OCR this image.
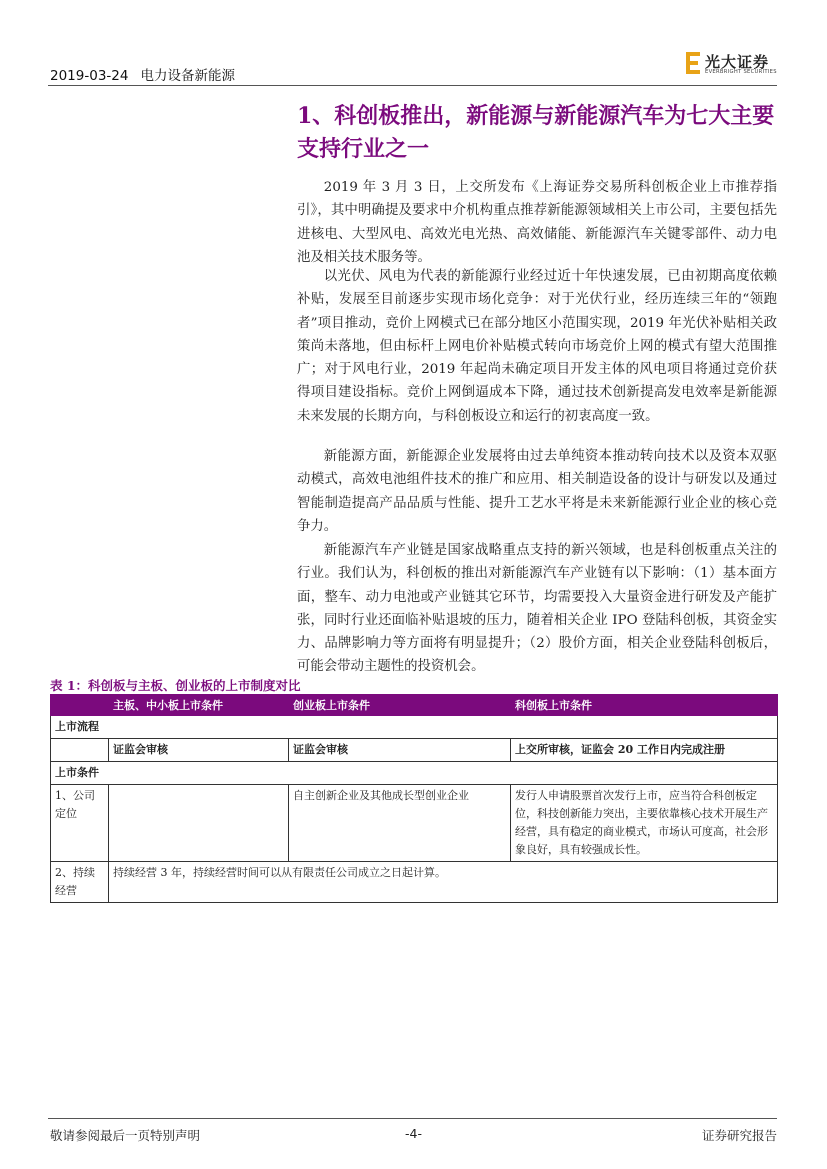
2019-03-24 电力设备新能源
光大证券
EVERBRIGHT SECURITIES
1、科创板推出，新能源与新能源汽车为七大主要支持行业之一

2019 年 3 月 3 日，上交所发布《上海证券交易所科创板企业上市推荐指引》，其中明确提及要求中介机构重点推荐新能源领域相关上市公司，主要包括先进核电、大型风电、高效光电光热、高效储能、新能源汽车关键零部件、动力电池及相关技术服务等。

以光伏、风电为代表的新能源行业经过近十年快速发展，已由初期高度依赖补贴，发展至目前逐步实现市场化竞争：对于光伏行业，经历连续三年的“领跑者”项目推动，竞价上网模式已在部分地区小范围实现，2019 年光伏补贴相关政策尚未落地，但由标杆上网电价补贴模式转向市场竞价上网的模式有望大范围推广；对于风电行业，2019 年起尚未确定项目开发主体的风电项目将通过竞价获得项目建设指标。竞价上网倒逼成本下降，通过技术创新提高发电效率是新能源未来发展的长期方向，与科创板设立和运行的初衷高度一致。

新能源方面，新能源企业发展将由过去单纯资本推动转向技术以及资本双驱动模式，高效电池组件技术的推广和应用、相关制造设备的设计与研发以及通过智能制造提高产品品质与性能、提升工艺水平将是未来新能源行业企业的核心竞争力。

新能源汽车产业链是国家战略重点支持的新兴领域，也是科创板重点关注的行业。我们认为，科创板的推出对新能源汽车产业链有以下影响：（1）基本面方面，整车、动力电池或产业链其它环节，均需要投入大量资金进行研发及产能扩张，同时行业还面临补贴退坡的压力，随着相关企业 IPO 登陆科创板，其资金实力、品牌影响力等方面将有明显提升；（2）股价方面，相关企业登陆科创板后，可能会带动主题性的投资机会。

表 1：科创板与主板、创业板的上市制度对比
	主板、中小板上市条件	创业板上市条件	科创板上市条件
上市流程			
	证监会审核	证监会审核	上交所审核，证监会 20 工作日内完成注册
上市条件			
1、公司定位		自主创新企业及其他成长型创业企业	发行人申请股票首次发行上市，应当符合科创板定位，科技创新能力突出，主要依靠核心技术开展生产经营，具有稳定的商业模式，市场认可度高，社会形象良好，具有较强成长性。
2、持续经营	持续经营 3 年，持续经营时间可以从有限责任公司成立之日起计算。		
敬请参阅最后一页特别声明	-4-	证券研究报告
